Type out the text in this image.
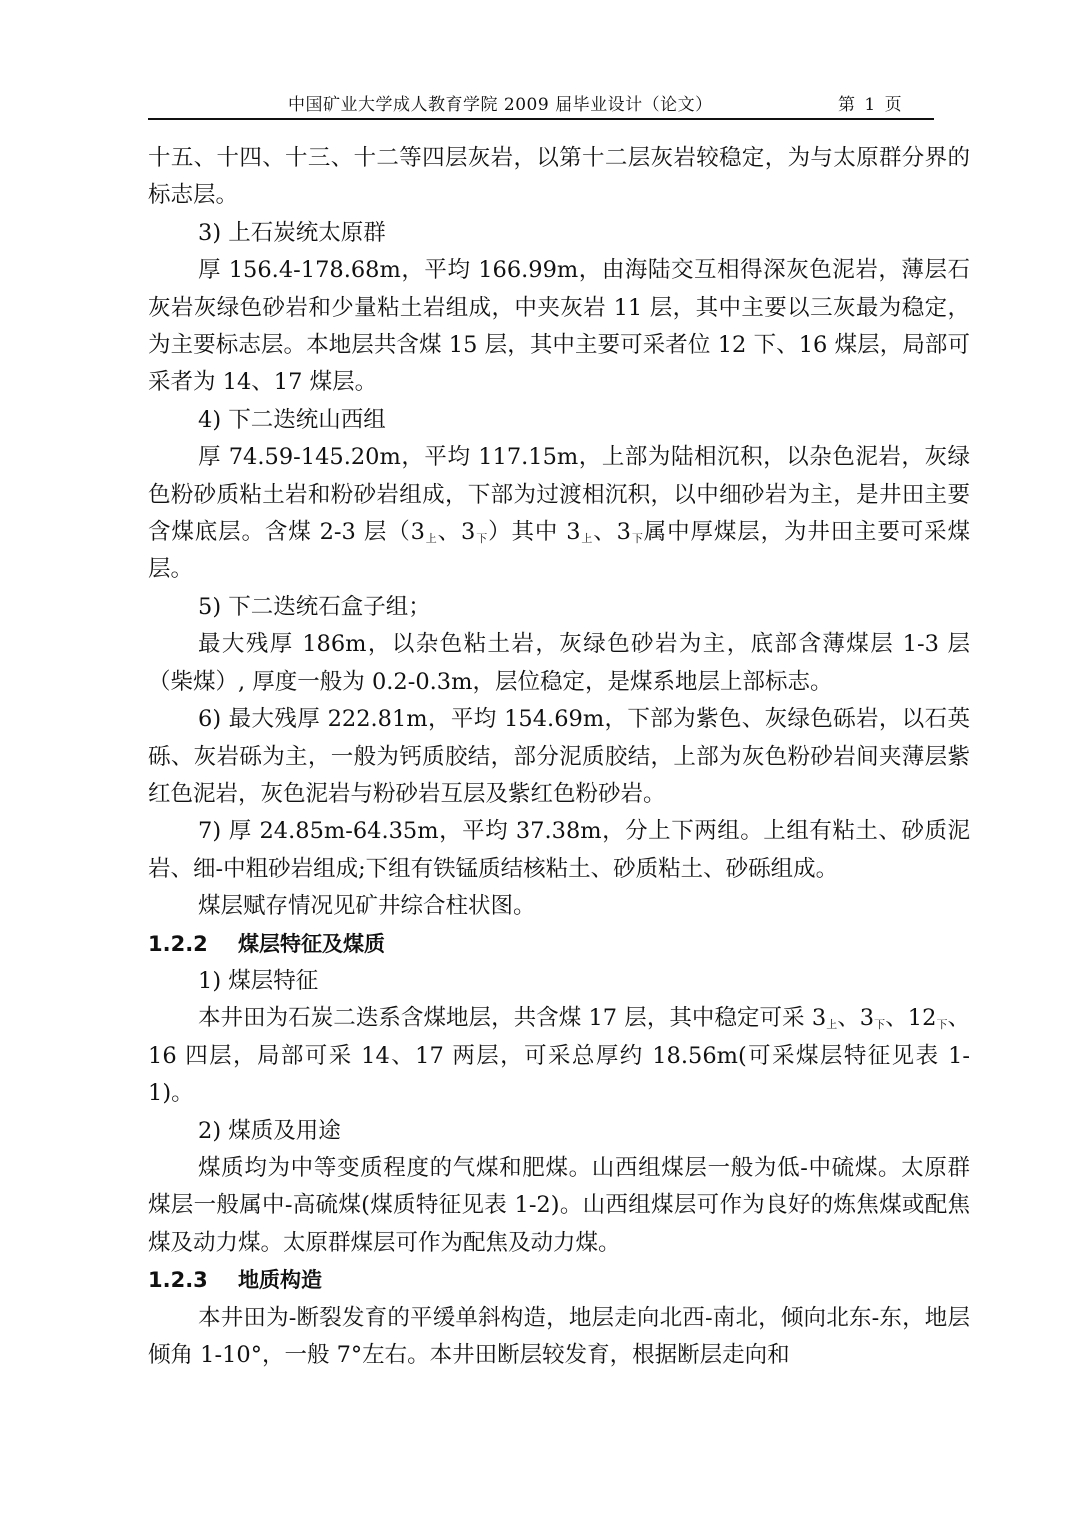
中国矿业大学成人教育学院 2009 届毕业设计（论文）	第 1 页

十五、十四、十三、十二等四层灰岩，以第十二层灰岩较稳定，为与太原群分界的标志层。

3) 上石炭统太原群

厚 156.4-178.68m，平均 166.99m，由海陆交互相得深灰色泥岩，薄层石灰岩灰绿色砂岩和少量粘土岩组成，中夹灰岩 11 层，其中主要以三灰最为稳定，为主要标志层。本地层共含煤 15 层，其中主要可采者位 12 下、16 煤层，局部可采者为 14、17 煤层。

4) 下二迭统山西组

厚 74.59-145.20m，平均 117.15m，上部为陆相沉积，以杂色泥岩，灰绿色粉砂质粘土岩和粉砂岩组成，下部为过渡相沉积，以中细砂岩为主，是井田主要含煤底层。含煤 2-3 层（$3_上$、$3_下$）其中 $3_上$、$3_下$属中厚煤层，为井田主要可采煤层。

5) 下二迭统石盒子组；

最大残厚 186m，以杂色粘土岩，灰绿色砂岩为主，底部含薄煤层 1-3 层（柴煤）, 厚度一般为 0.2-0.3m，层位稳定，是煤系地层上部标志。

6) 最大残厚 222.81m，平均 154.69m，下部为紫色、灰绿色砾岩，以石英砾、灰岩砾为主，一般为钙质胶结，部分泥质胶结，上部为灰色粉砂岩间夹薄层紫红色泥岩，灰色泥岩与粉砂岩互层及紫红色粉砂岩。

7) 厚 24.85m-64.35m，平均 37.38m，分上下两组。上组有粘土、砂质泥岩、细-中粗砂岩组成;下组有铁锰质结核粘土、砂质粘土、砂砾组成。

煤层赋存情况见矿井综合柱状图。

1.2.2 煤层特征及煤质

1) 煤层特征

本井田为石炭二迭系含煤地层，共含煤 17 层，其中稳定可采 $3_上$、$3_下$、$12_下$、16 四层，局部可采 14、17 两层，可采总厚约 18.56m(可采煤层特征见表 1-1)。

2) 煤质及用途

煤质均为中等变质程度的气煤和肥煤。山西组煤层一般为低-中硫煤。太原群煤层一般属中-高硫煤(煤质特征见表 1-2)。山西组煤层可作为良好的炼焦煤或配焦煤及动力煤。太原群煤层可作为配焦及动力煤。

1.2.3 地质构造

本井田为-断裂发育的平缓单斜构造，地层走向北西-南北，倾向北东-东，地层倾角 1-10°，一般 7°左右。本井田断层较发育，根据断层走向和
